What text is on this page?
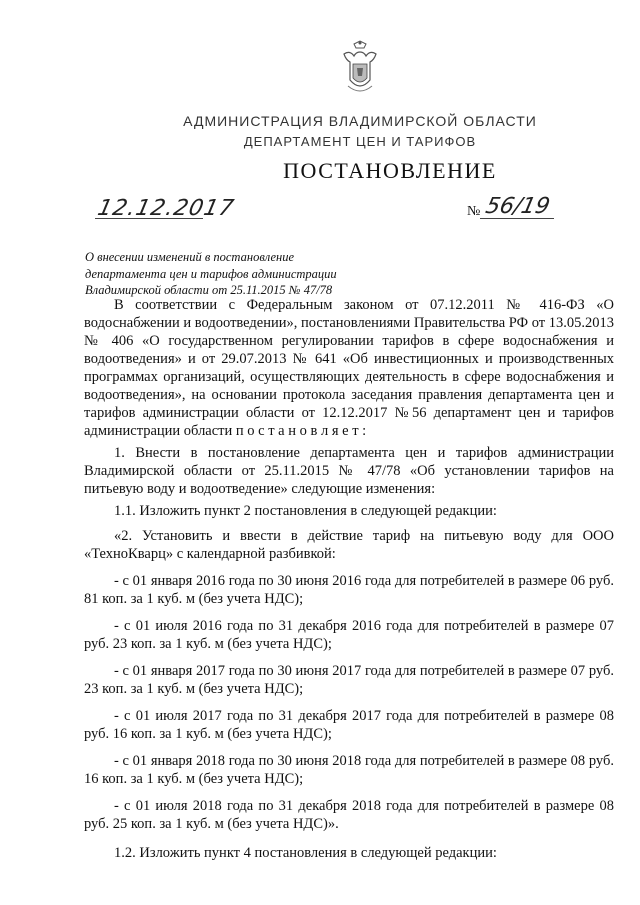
АДМИНИСТРАЦИЯ ВЛАДИМИРСКОЙ ОБЛАСТИ
ДЕПАРТАМЕНТ ЦЕН И ТАРИФОВ
ПОСТАНОВЛЕНИЕ
12.12.2017	№ 56/19
О внесении изменений в постановление
департамента цен и тарифов администрации
Владимирской области от 25.11.2015 № 47/78
В соответствии с Федеральным законом от 07.12.2011 № 416-ФЗ «О водоснабжении и водоотведении», постановлениями Правительства РФ от 13.05.2013 № 406 «О государственном регулировании тарифов в сфере водоснабжения и водоотведения» и от 29.07.2013 № 641 «Об инвестиционных и производственных программах организаций, осуществляющих деятельность в сфере водоснабжения и водоотведения», на основании протокола заседания правления департамента цен и тарифов администрации области от 12.12.2017 №56 департамент цен и тарифов администрации области п о с т а н о в л я е т :
1. Внести в постановление департамента цен и тарифов администрации Владимирской области от 25.11.2015 № 47/78 «Об установлении тарифов на питьевую воду и водоотведение» следующие изменения:
1.1. Изложить пункт 2 постановления в следующей редакции:
«2. Установить и ввести в действие тариф на питьевую воду для ООО «ТехноКварц» с календарной разбивкой:
- с 01 января 2016 года по 30 июня 2016 года для потребителей в размере 06 руб. 81 коп. за 1 куб. м (без учета НДС);
- с 01 июля 2016 года по 31 декабря 2016 года для потребителей в размере 07 руб. 23 коп. за 1 куб. м (без учета НДС);
- с 01 января 2017 года по 30 июня 2017 года для потребителей в размере 07 руб. 23 коп. за 1 куб. м (без учета НДС);
- с 01 июля 2017 года по 31 декабря 2017 года для потребителей в размере 08 руб. 16 коп. за 1 куб. м (без учета НДС);
- с 01 января 2018 года по 30 июня 2018 года для потребителей в размере 08 руб. 16 коп. за 1 куб. м (без учета НДС);
- с 01 июля 2018 года по 31 декабря 2018 года для потребителей в размере 08 руб. 25 коп. за 1 куб. м (без учета НДС)».
1.2. Изложить пункт 4 постановления в следующей редакции:
